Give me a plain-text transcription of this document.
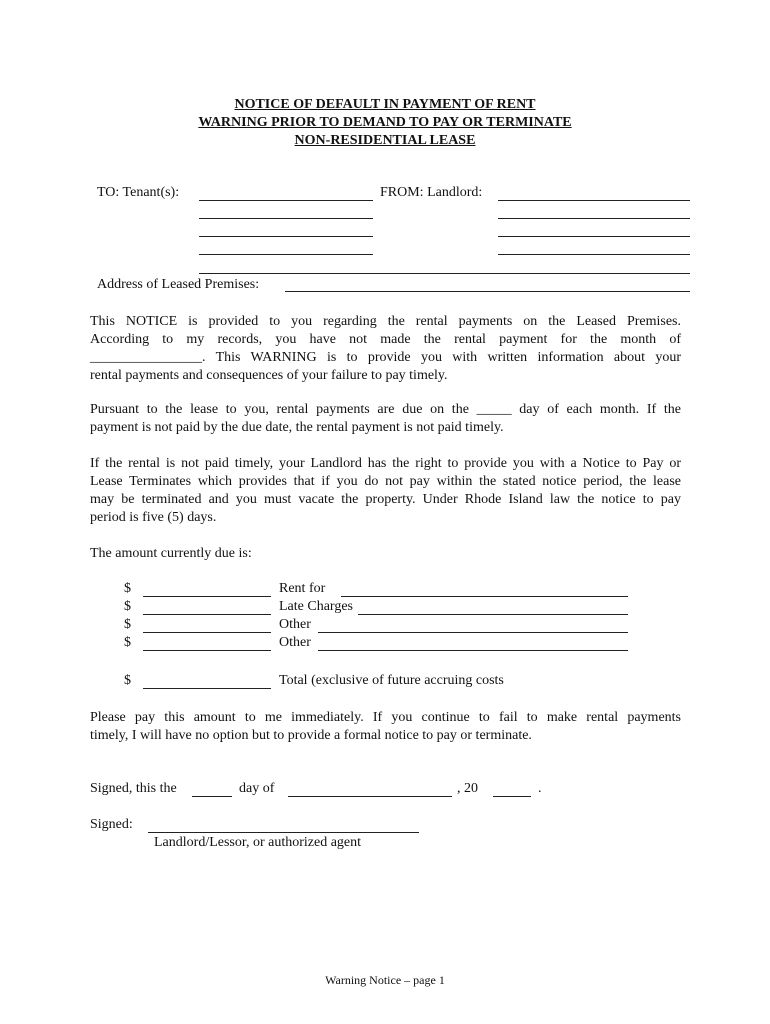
NOTICE OF DEFAULT IN PAYMENT OF RENT
WARNING PRIOR TO DEMAND TO PAY OR TERMINATE
NON-RESIDENTIAL LEASE
TO: Tenant(s):	FROM: Landlord:
Address of Leased Premises:
This NOTICE is provided to you regarding the rental payments on the Leased Premises.
According to my records, you have not made the rental payment for the month of
________________. This WARNING is to provide you with written information about your
rental payments and consequences of your failure to pay timely.
Pursuant to the lease to you, rental payments are due on the _____ day of each month. If the
payment is not paid by the due date, the rental payment is not paid timely.
If the rental is not paid timely, your Landlord has the right to provide you with a Notice to Pay or
Lease Terminates which provides that if you do not pay within the stated notice period, the lease
may be terminated and you must vacate the property. Under Rhode Island law the notice to pay
period is five (5) days.
The amount currently due is:
$	Rent for
$	Late Charges
$	Other
$	Other
$	Total (exclusive of future accruing costs
Please pay this amount to me immediately. If you continue to fail to make rental payments
timely, I will have no option but to provide a formal notice to pay or terminate.
Signed, this the	day of	, 20	.
Signed:
Landlord/Lessor, or authorized agent
Warning Notice – page 1
